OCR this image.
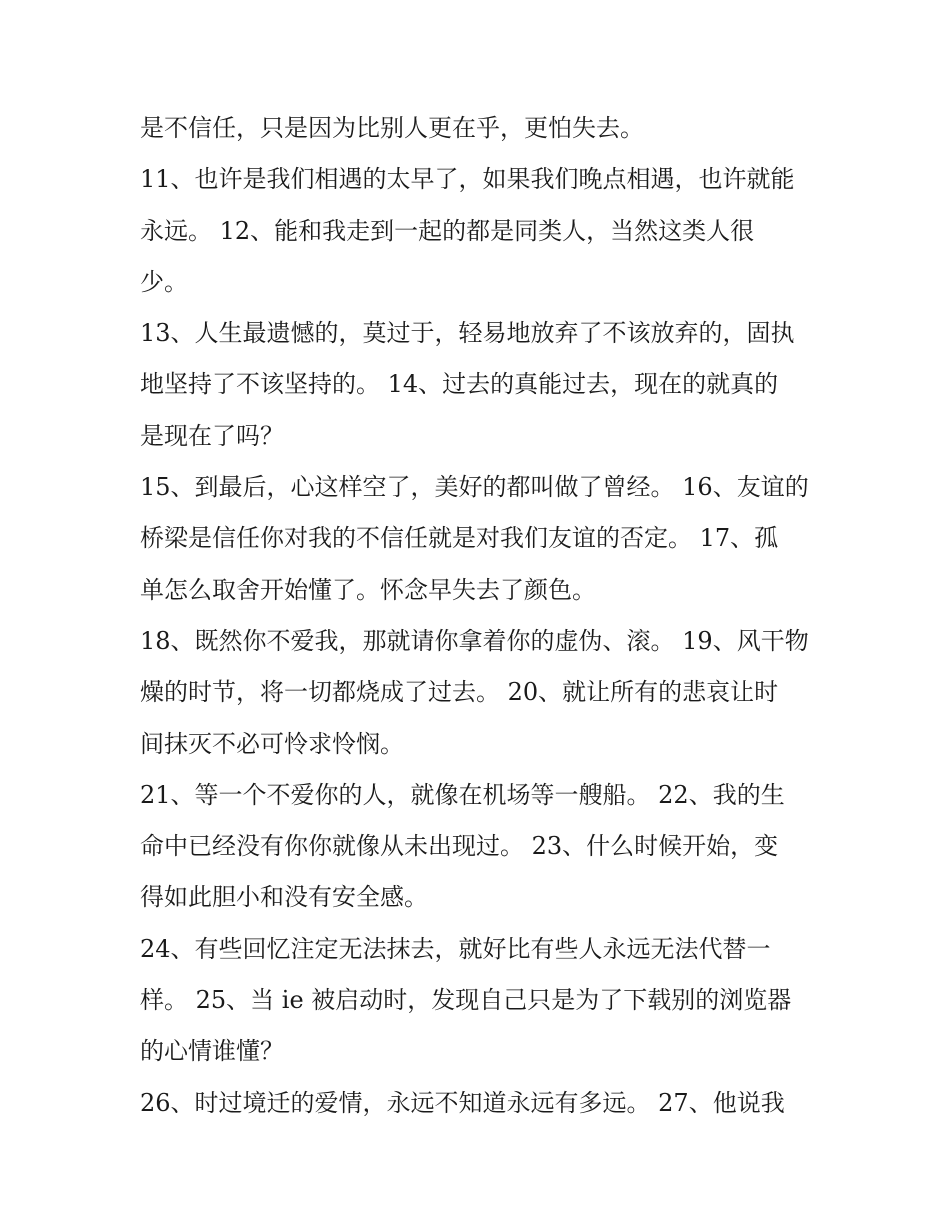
是不信任，只是因为比别人更在乎，更怕失去。
11、也许是我们相遇的太早了，如果我们晚点相遇，也许就能
永远。 12、能和我走到一起的都是同类人，当然这类人很
少。
13、人生最遗憾的，莫过于，轻易地放弃了不该放弃的，固执
地坚持了不该坚持的。 14、过去的真能过去，现在的就真的
是现在了吗？
15、到最后，心这样空了，美好的都叫做了曾经。 16、友谊的
桥梁是信任你对我的不信任就是对我们友谊的否定。 17、孤
单怎么取舍开始懂了。怀念早失去了颜色。
18、既然你不爱我，那就请你拿着你的虚伪、滚。 19、风干物
燥的时节，将一切都烧成了过去。 20、就让所有的悲哀让时
间抹灭不必可怜求怜悯。
21、等一个不爱你的人，就像在机场等一艘船。 22、我的生
命中已经没有你你就像从未出现过。 23、什么时候开始，变
得如此胆小和没有安全感。
24、有些回忆注定无法抹去，就好比有些人永远无法代替一
样。 25、当 ie 被启动时，发现自己只是为了下载别的浏览器
的心情谁懂？
26、时过境迁的爱情，永远不知道永远有多远。 27、他说我
